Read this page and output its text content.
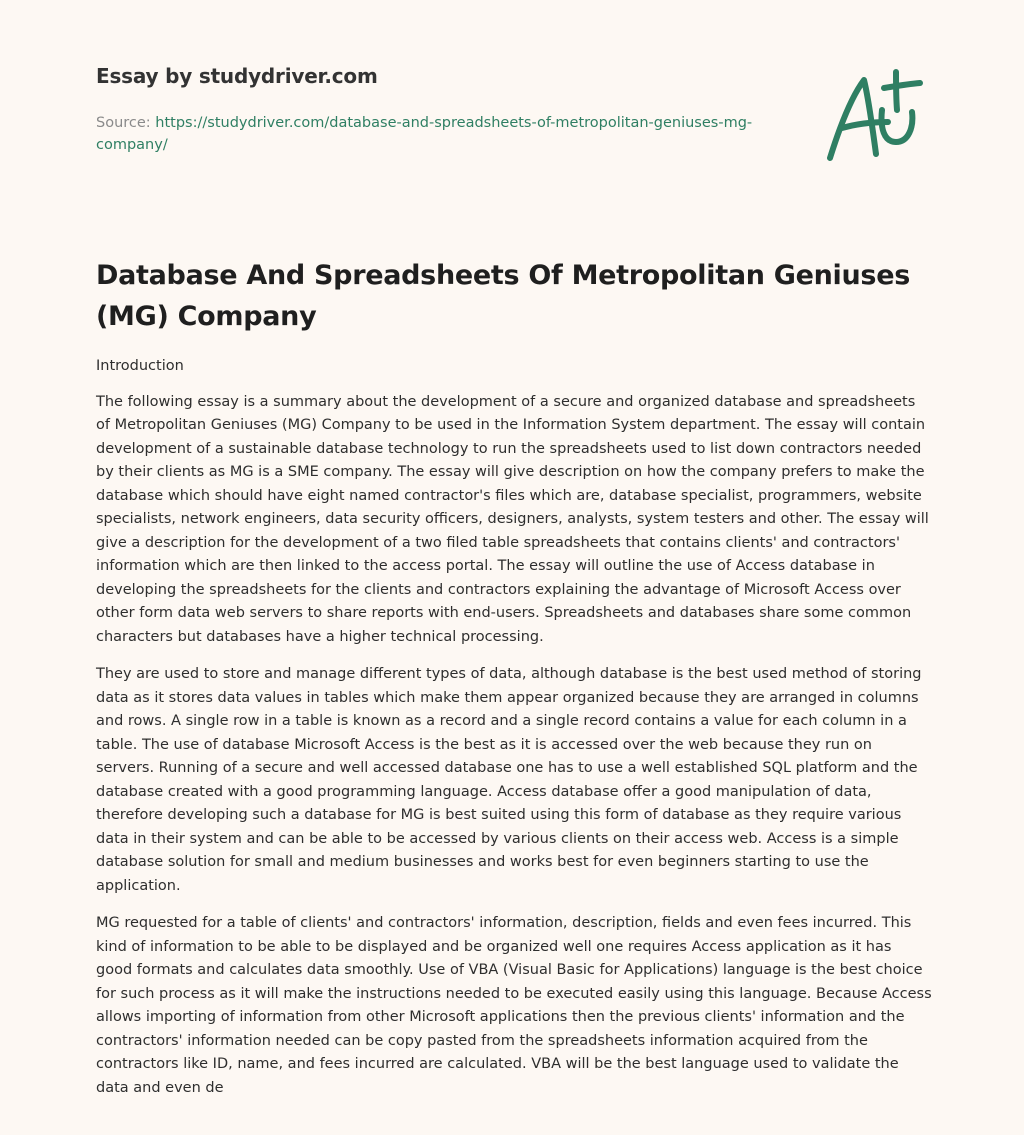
Essay by studydriver.com
Source: https://studydriver.com/database-and-spreadsheets-of-metropolitan-geniuses-mg-company/
Database And Spreadsheets Of Metropolitan Geniuses (MG) Company

Introduction

The following essay is a summary about the development of a secure and organized database and spreadsheets of Metropolitan Geniuses (MG) Company to be used in the Information System department. The essay will contain development of a sustainable database technology to run the spreadsheets used to list down contractors needed by their clients as MG is a SME company. The essay will give description on how the company prefers to make the database which should have eight named contractor's files which are, database specialist, programmers, website specialists, network engineers, data security officers, designers, analysts, system testers and other. The essay will give a description for the development of a two filed table spreadsheets that contains clients' and contractors' information which are then linked to the access portal. The essay will outline the use of Access database in developing the spreadsheets for the clients and contractors explaining the advantage of Microsoft Access over other form data web servers to share reports with end-users. Spreadsheets and databases share some common characters but databases have a higher technical processing.

They are used to store and manage different types of data, although database is the best used method of storing data as it stores data values in tables which make them appear organized because they are arranged in columns and rows. A single row in a table is known as a record and a single record contains a value for each column in a table. The use of database Microsoft Access is the best as it is accessed over the web because they run on servers. Running of a secure and well accessed database one has to use a well established SQL platform and the database created with a good programming language. Access database offer a good manipulation of data, therefore developing such a database for MG is best suited using this form of database as they require various data in their system and can be able to be accessed by various clients on their access web. Access is a simple database solution for small and medium businesses and works best for even beginners starting to use the application.

MG requested for a table of clients' and contractors' information, description, fields and even fees incurred. This kind of information to be able to be displayed and be organized well one requires Access application as it has good formats and calculates data smoothly. Use of VBA (Visual Basic for Applications) language is the best choice for such process as it will make the instructions needed to be executed easily using this language. Because Access allows importing of information from other Microsoft applications then the previous clients' information and the contractors' information needed can be copy pasted from the spreadsheets information acquired from the contractors like ID, name, and fees incurred are calculated. VBA will be the best language used to validate the data and even de
